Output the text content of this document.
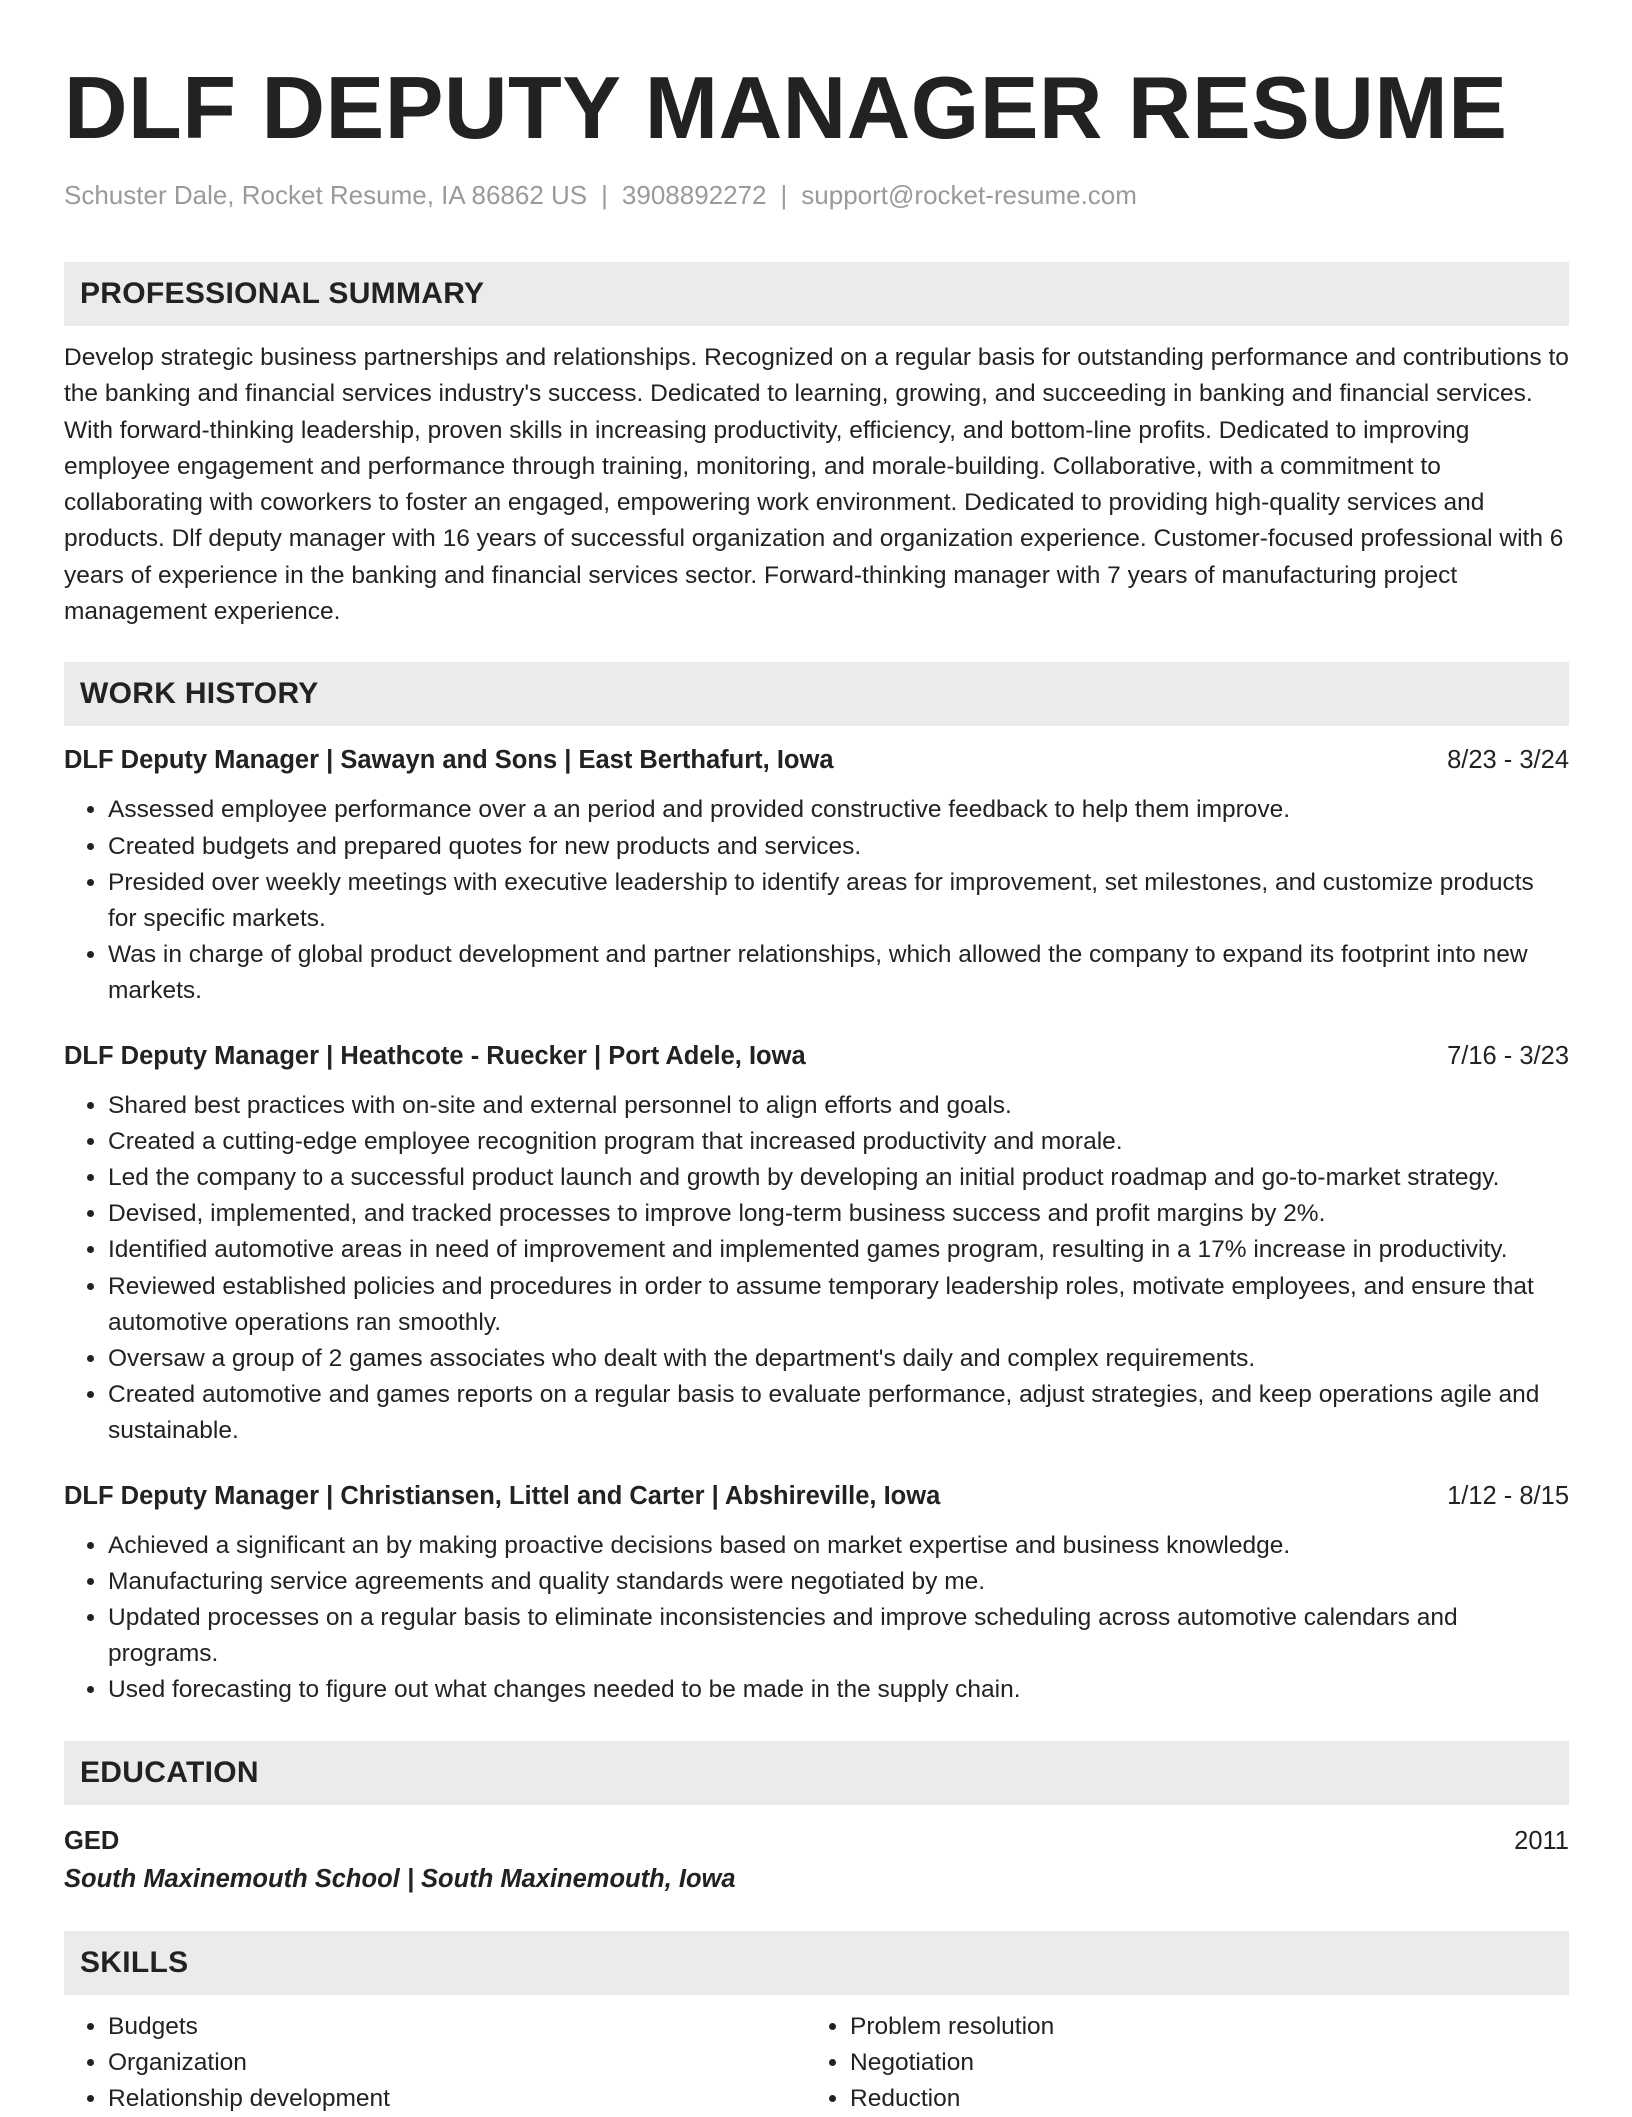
DLF DEPUTY MANAGER RESUME
Schuster Dale, Rocket Resume, IA 86862 US | 3908892272 | support@rocket-resume.com
PROFESSIONAL SUMMARY
Develop strategic business partnerships and relationships. Recognized on a regular basis for outstanding performance and contributions to the banking and financial services industry's success. Dedicated to learning, growing, and succeeding in banking and financial services. With forward-thinking leadership, proven skills in increasing productivity, efficiency, and bottom-line profits. Dedicated to improving employee engagement and performance through training, monitoring, and morale-building. Collaborative, with a commitment to collaborating with coworkers to foster an engaged, empowering work environment. Dedicated to providing high-quality services and products. Dlf deputy manager with 16 years of successful organization and organization experience. Customer-focused professional with 6 years of experience in the banking and financial services sector. Forward-thinking manager with 7 years of manufacturing project management experience.
WORK HISTORY
DLF Deputy Manager | Sawayn and Sons | East Berthafurt, Iowa	8/23 - 3/24
• Assessed employee performance over a an period and provided constructive feedback to help them improve.
• Created budgets and prepared quotes for new products and services.
• Presided over weekly meetings with executive leadership to identify areas for improvement, set milestones, and customize products for specific markets.
• Was in charge of global product development and partner relationships, which allowed the company to expand its footprint into new markets.
DLF Deputy Manager | Heathcote - Ruecker | Port Adele, Iowa	7/16 - 3/23
• Shared best practices with on-site and external personnel to align efforts and goals.
• Created a cutting-edge employee recognition program that increased productivity and morale.
• Led the company to a successful product launch and growth by developing an initial product roadmap and go-to-market strategy.
• Devised, implemented, and tracked processes to improve long-term business success and profit margins by 2%.
• Identified automotive areas in need of improvement and implemented games program, resulting in a 17% increase in productivity.
• Reviewed established policies and procedures in order to assume temporary leadership roles, motivate employees, and ensure that automotive operations ran smoothly.
• Oversaw a group of 2 games associates who dealt with the department's daily and complex requirements.
• Created automotive and games reports on a regular basis to evaluate performance, adjust strategies, and keep operations agile and sustainable.
DLF Deputy Manager | Christiansen, Littel and Carter | Abshireville, Iowa	1/12 - 8/15
• Achieved a significant an by making proactive decisions based on market expertise and business knowledge.
• Manufacturing service agreements and quality standards were negotiated by me.
• Updated processes on a regular basis to eliminate inconsistencies and improve scheduling across automotive calendars and programs.
• Used forecasting to figure out what changes needed to be made in the supply chain.
EDUCATION
GED	2011
South Maxinemouth School | South Maxinemouth, Iowa
SKILLS
• Budgets
• Organization
• Relationship development
• Problem resolution
• Negotiation
• Reduction
